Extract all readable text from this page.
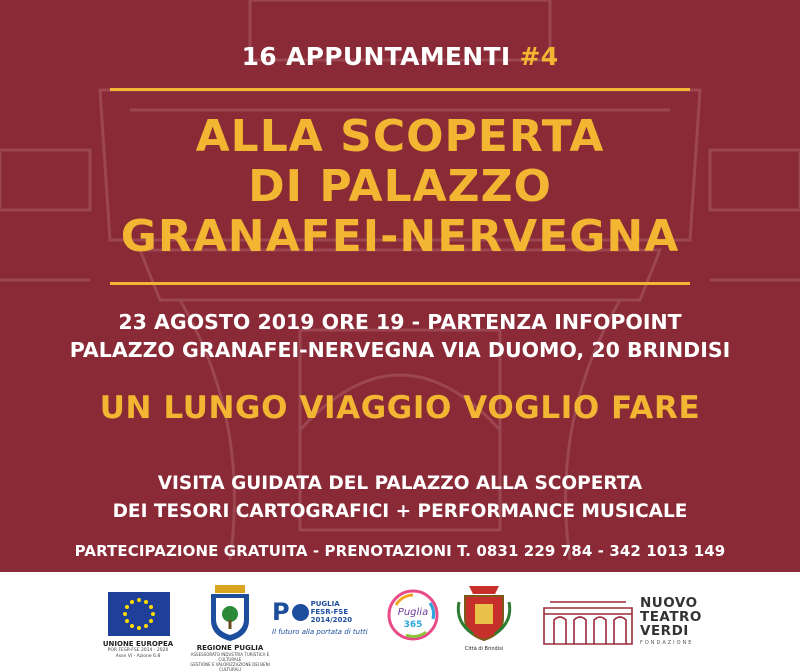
16 APPUNTAMENTI #4
ALLA SCOPERTA
DI PALAZZO
GRANAFEI-NERVEGNA
23 AGOSTO 2019 ORE 19 - PARTENZA INFOPOINT
PALAZZO GRANAFEI-NERVEGNA VIA DUOMO, 20 BRINDISI
UN LUNGO VIAGGIO VOGLIO FARE
VISITA GUIDATA DEL PALAZZO ALLA SCOPERTA
DEI TESORI CARTOGRAFICI + PERFORMANCE MUSICALE
PARTECIPAZIONE GRATUITA - PRENOTAZIONI T. 0831 229 784 - 342 1013 149
UNIONE EUROPEA
POR FESR-FSE 2014 - 2020
Asse VI - Azione 6.8
REGIONE PUGLIA
ASSESSORATO INDUSTRIA TURISTICA E CULTURALE
GESTIONE E VALORIZZAZIONE DEI BENI CULTURALI
P	PUGLIA
FESR-FSE
2014/2020
Il futuro alla portata di tutti
Puglia
365
Città di Brindisi
NUOVO
TEATRO
VERDI
FONDAZIONE
